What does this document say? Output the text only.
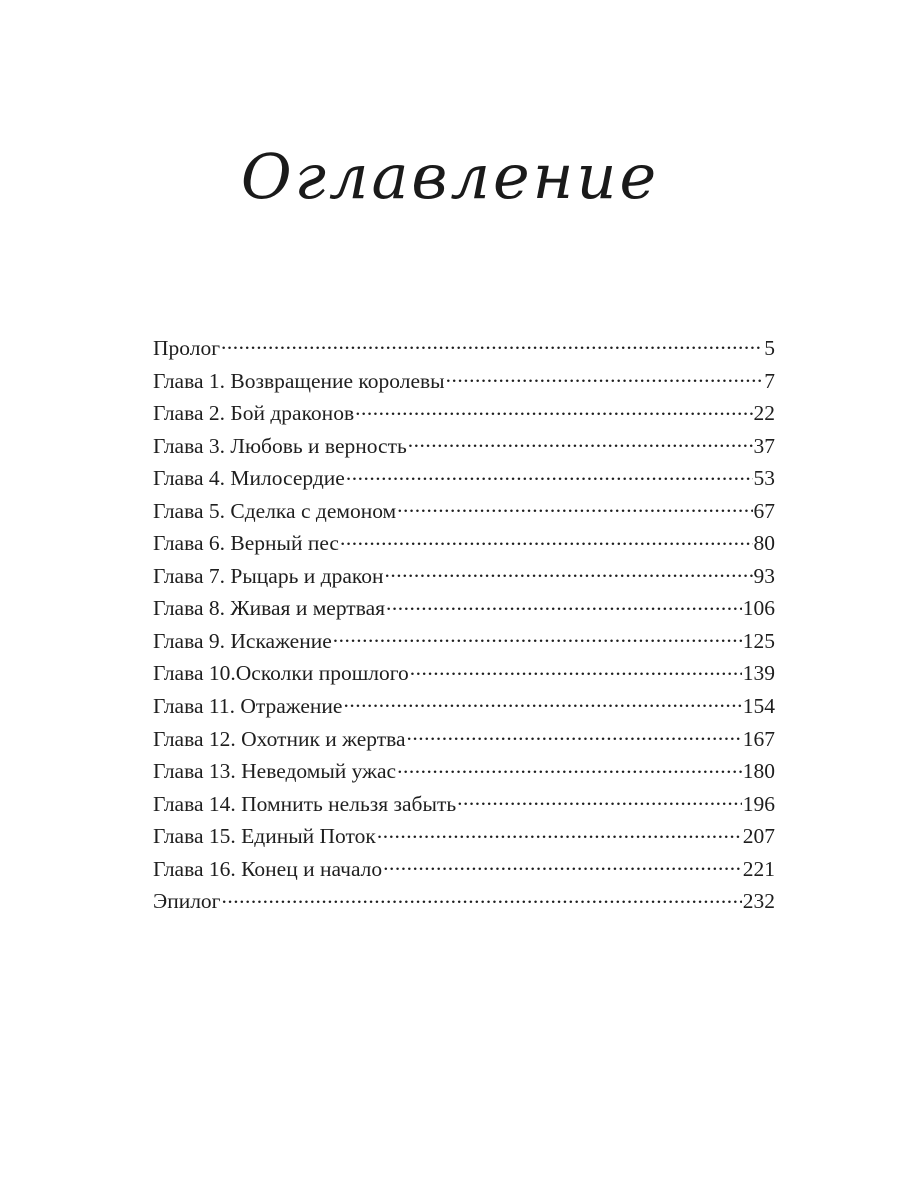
Оглавление
Пролог .....	5
Глава 1. Возвращение королевы .....	7
Глава 2. Бой драконов .....	22
Глава 3. Любовь и верность .....	37
Глава 4. Милосердие .....	53
Глава 5. Сделка с демоном .....	67
Глава 6. Верный пес .....	80
Глава 7. Рыцарь и дракон .....	93
Глава 8. Живая и мертвая .....	106
Глава 9. Искажение .....	125
Глава 10.Осколки прошлого .....	139
Глава 11. Отражение .....	154
Глава 12. Охотник и жертва .....	167
Глава 13. Неведомый ужас .....	180
Глава 14. Помнить нельзя забыть .....	196
Глава 15. Единый Поток .....	207
Глава 16. Конец и начало .....	221
Эпилог .....	232
